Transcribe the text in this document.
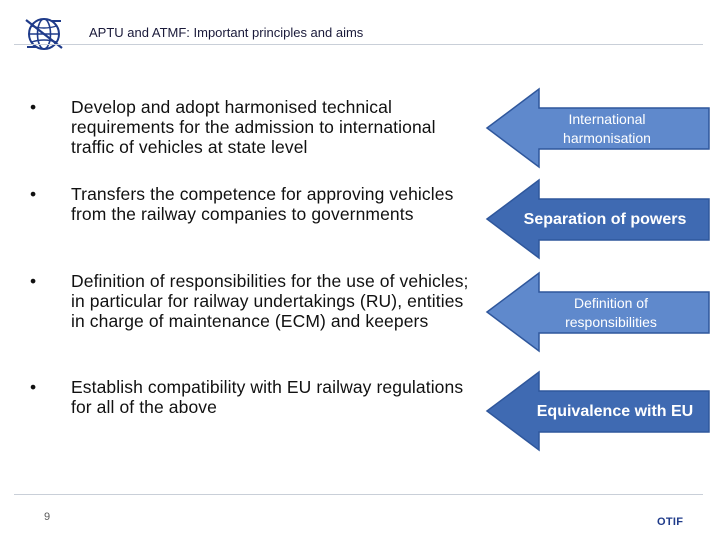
APTU and ATMF: Important principles and aims
•	Develop and adopt harmonised technical requirements for the admission to international traffic of vehicles at state level
•	Transfers the competence for approving vehicles from the railway companies to governments
•	Definition of responsibilities for the use of vehicles; in particular for railway undertakings (RU), entities in charge of maintenance (ECM) and keepers
•	Establish compatibility with EU railway regulations for all of the above
International harmonisation
Separation of powers
Definition of responsibilities
Equivalence with EU
9	OTIF
